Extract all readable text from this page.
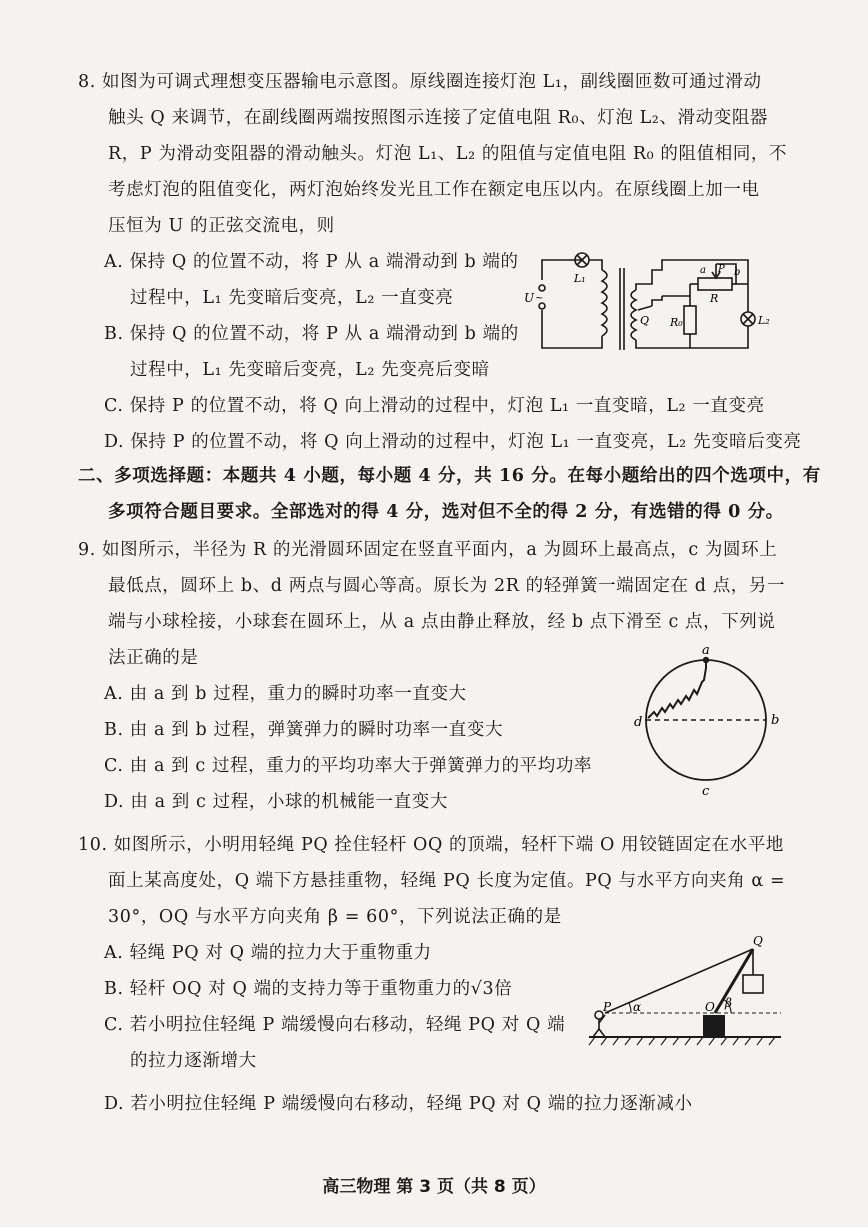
8. 如图为可调式理想变压器输电示意图。原线圈连接灯泡 L₁，副线圈匝数可通过滑动
触头 Q 来调节，在副线圈两端按照图示连接了定值电阻 R₀、灯泡 L₂、滑动变阻器
R，P 为滑动变阻器的滑动触头。灯泡 L₁、L₂ 的阻值与定值电阻 R₀ 的阻值相同，不
考虑灯泡的阻值变化，两灯泡始终发光且工作在额定电压以内。在原线圈上加一电
压恒为 U 的正弦交流电，则
A. 保持 Q 的位置不动，将 P 从 a 端滑动到 b 端的
过程中，L₁ 先变暗后变亮，L₂ 一直变亮
B. 保持 Q 的位置不动，将 P 从 a 端滑动到 b 端的
过程中，L₁ 先变暗后变亮，L₂ 先变亮后变暗
C. 保持 P 的位置不动，将 Q 向上滑动的过程中，灯泡 L₁ 一直变暗，L₂ 一直变亮
D. 保持 P 的位置不动，将 Q 向上滑动的过程中，灯泡 L₁ 一直变亮，L₂ 先变暗后变亮
L₁
U ~
Q R₀
R
P
a	b
L₂
二、多项选择题：本题共 4 小题，每小题 4 分，共 16 分。在每小题给出的四个选项中，有
多项符合题目要求。全部选对的得 4 分，选对但不全的得 2 分，有选错的得 0 分。
9. 如图所示，半径为 R 的光滑圆环固定在竖直平面内，a 为圆环上最高点，c 为圆环上
最低点，圆环上 b、d 两点与圆心等高。原长为 2R 的轻弹簧一端固定在 d 点，另一
端与小球栓接，小球套在圆环上，从 a 点由静止释放，经 b 点下滑至 c 点，下列说
法正确的是
A. 由 a 到 b 过程，重力的瞬时功率一直变大
B. 由 a 到 b 过程，弹簧弹力的瞬时功率一直变大
C. 由 a 到 c 过程，重力的平均功率大于弹簧弹力的平均功率
D. 由 a 到 c 过程，小球的机械能一直变大
a
b
c
d
10. 如图所示，小明用轻绳 PQ 拴住轻杆 OQ 的顶端，轻杆下端 O 用铰链固定在水平地
面上某高度处，Q 端下方悬挂重物，轻绳 PQ 长度为定值。PQ 与水平方向夹角 α =
30°，OQ 与水平方向夹角 β = 60°，下列说法正确的是
A. 轻绳 PQ 对 Q 端的拉力大于重物重力
B. 轻杆 OQ 对 Q 端的支持力等于重物重力的√3倍
C. 若小明拉住轻绳 P 端缓慢向右移动，轻绳 PQ 对 Q 端
的拉力逐渐增大
D. 若小明拉住轻绳 P 端缓慢向右移动，轻绳 PQ 对 Q 端的拉力逐渐减小
Q
P	O
α	β
高三物理 第 3 页（共 8 页）
